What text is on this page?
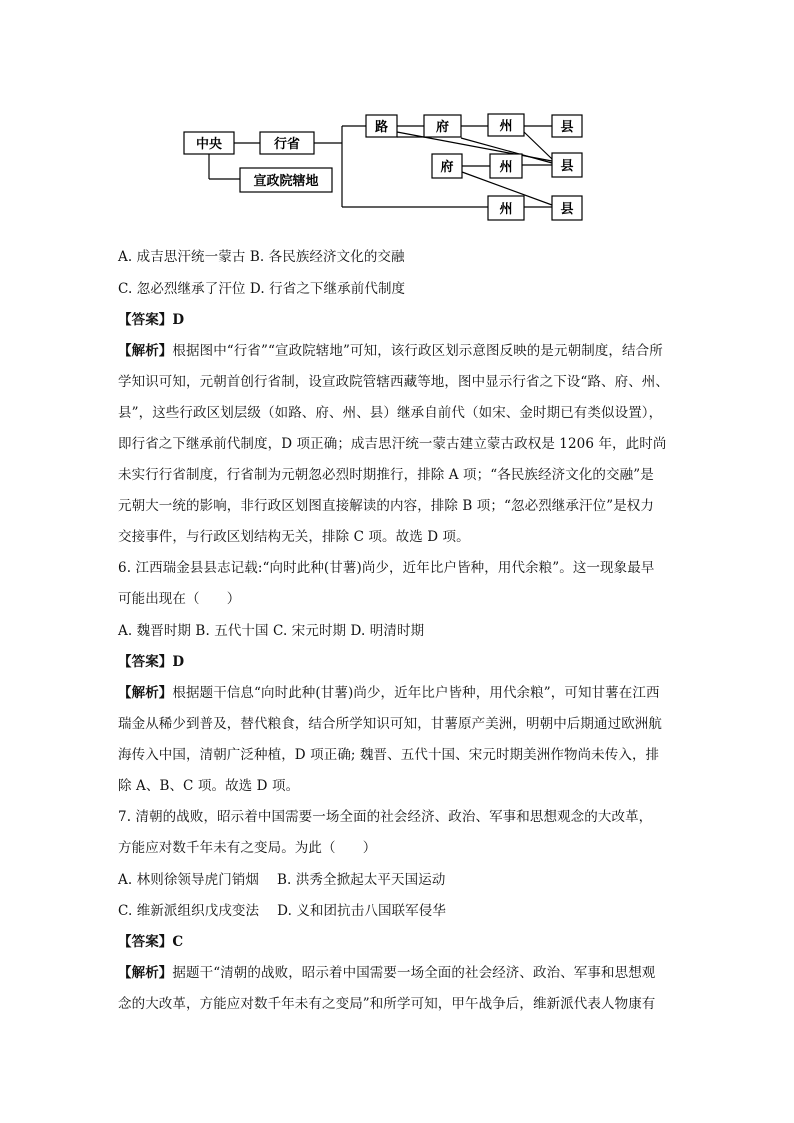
中央	行省
宣政院辖地
路	府	州	县
府	州	县
州	县
A. 成吉思汗统一蒙古 B. 各民族经济文化的交融
C. 忽必烈继承了汗位 D. 行省之下继承前代制度
【答案】D
【解析】根据图中“行省”“宣政院辖地”可知，该行政区划示意图反映的是元朝制度，结合所
学知识可知，元朝首创行省制，设宣政院管辖西藏等地，图中显示行省之下设“路、府、州、
县”，这些行政区划层级（如路、府、州、县）继承自前代（如宋、金时期已有类似设置），
即行省之下继承前代制度，D 项正确；成吉思汗统一蒙古建立蒙古政权是 1206 年，此时尚
未实行行省制度，行省制为元朝忽必烈时期推行，排除 A 项；“各民族经济文化的交融”是
元朝大一统的影响，非行政区划图直接解读的内容，排除 B 项；“忽必烈继承汗位”是权力
交接事件，与行政区划结构无关，排除 C 项。故选 D 项。
6. 江西瑞金县县志记载:“向时此种(甘薯)尚少，近年比户皆种，用代余粮”。这一现象最早
可能出现在（　　）
A. 魏晋时期 B. 五代十国 C. 宋元时期 D. 明清时期
【答案】D
【解析】根据题干信息“向时此种(甘薯)尚少，近年比户皆种，用代余粮”，可知甘薯在江西
瑞金从稀少到普及，替代粮食，结合所学知识可知，甘薯原产美洲，明朝中后期通过欧洲航
海传入中国，清朝广泛种植，D 项正确; 魏晋、五代十国、宋元时期美洲作物尚未传入，排
除 A、B、C 项。故选 D 项。
7. 清朝的战败，昭示着中国需要一场全面的社会经济、政治、军事和思想观念的大改革，
方能应对数千年未有之变局。为此（　　）
A. 林则徐领导虎门销烟　 B. 洪秀全掀起太平天国运动
C. 维新派组织戊戌变法　 D. 义和团抗击八国联军侵华
【答案】C
【解析】据题干“清朝的战败，昭示着中国需要一场全面的社会经济、政治、军事和思想观
念的大改革，方能应对数千年未有之变局”和所学可知，甲午战争后，维新派代表人物康有
